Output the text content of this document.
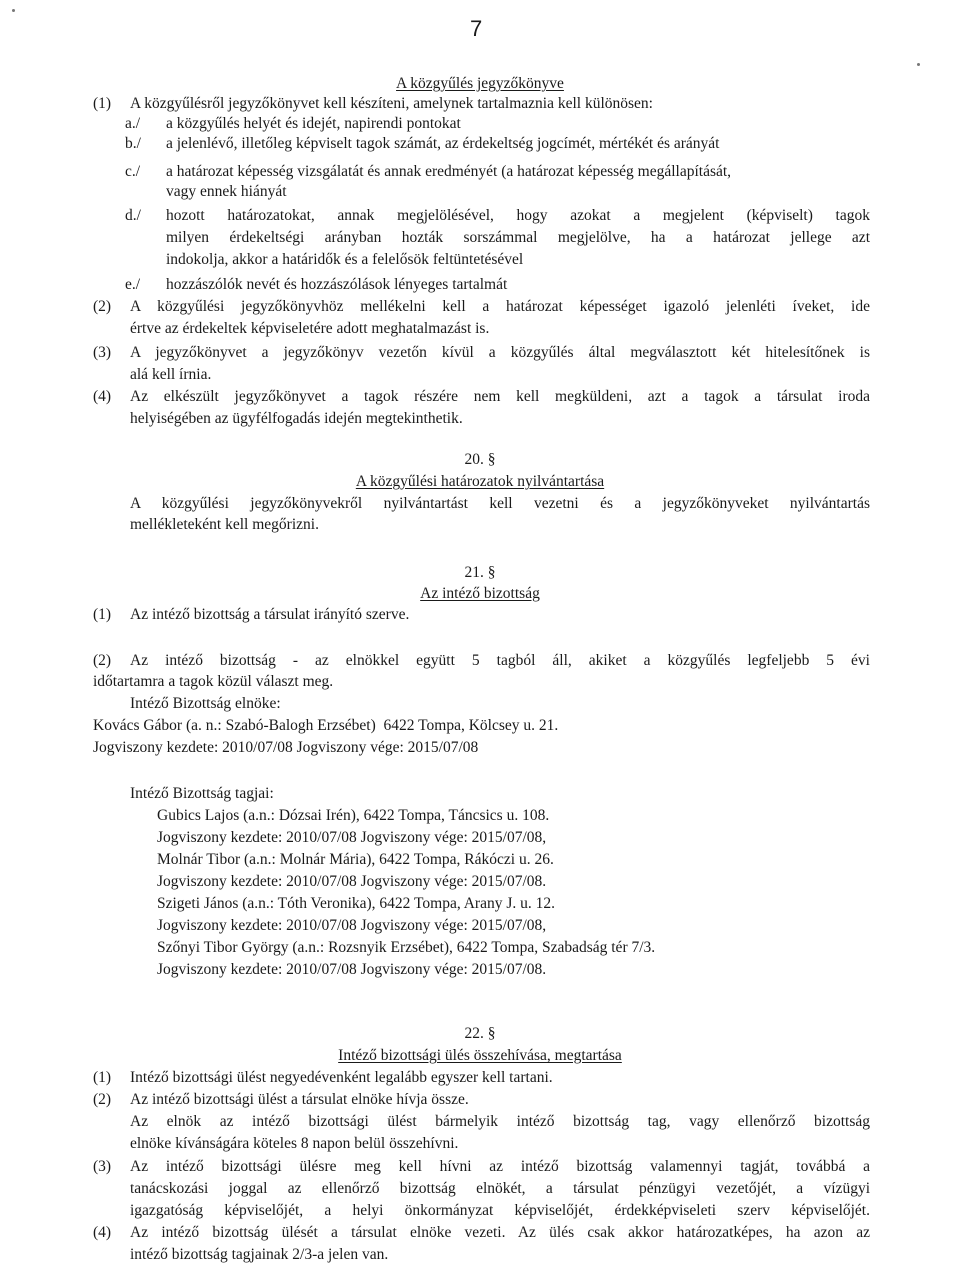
7
A közgyűlés jegyzőkönyve
(1) A közgyűlésről jegyzőkönyvet kell készíteni, amelynek tartalmaznia kell különösen:
a./ a közgyűlés helyét és idejét, napirendi pontokat
b./ a jelenlévő, illetőleg képviselt tagok számát, az érdekeltség jogcímét, mértékét és arányát
c./ a határozat képesség vizsgálatát és annak eredményét (a határozat képesség megállapítását,
vagy ennek hiányát
d./ hozott határozatokat, annak megjelölésével, hogy azokat a megjelent (képviselt) tagok
milyen érdekeltségi arányban hozták sorszámmal megjelölve, ha a határozat jellege azt
indokolja, akkor a határidők és a felelősök feltüntetésével
e./ hozzászólók nevét és hozzászólások lényeges tartalmát
(2) A közgyűlési jegyzőkönyvhöz mellékelni kell a határozat képességet igazoló jelenléti íveket, ide
értve az érdekeltek képviseletére adott meghatalmazást is.
(3) A jegyzőkönyvet a jegyzőkönyv vezetőn kívül a közgyűlés által megválasztott két hitelesítőnek is
alá kell írnia.
(4) Az elkészült jegyzőkönyvet a tagok részére nem kell megküldeni, azt a tagok a társulat iroda
helyiségében az ügyfélfogadás idején megtekinthetik.
20. §
A közgyűlési határozatok nyilvántartása
A közgyűlési jegyzőkönyvekről nyilvántartást kell vezetni és a jegyzőkönyveket nyilvántartás
mellékleteként kell megőrizni.
21. §
Az intéző bizottság
(1) Az intéző bizottság a társulat irányító szerve.
(2) Az intéző bizottság - az elnökkel együtt 5 tagból áll, akiket a közgyűlés legfeljebb 5 évi
időtartamra a tagok közül választ meg.
Intéző Bizottság elnöke:
Kovács Gábor (a. n.: Szabó-Balogh Erzsébet)  6422 Tompa, Kölcsey u. 21.
Jogviszony kezdete: 2010/07/08 Jogviszony vége: 2015/07/08
Intéző Bizottság tagjai:
Gubics Lajos (a.n.: Dózsai Irén), 6422 Tompa, Táncsics u. 108.
Jogviszony kezdete: 2010/07/08 Jogviszony vége: 2015/07/08,
Molnár Tibor (a.n.: Molnár Mária), 6422 Tompa, Rákóczi u. 26.
Jogviszony kezdete: 2010/07/08 Jogviszony vége: 2015/07/08.
Szigeti János (a.n.: Tóth Veronika), 6422 Tompa, Arany J. u. 12.
Jogviszony kezdete: 2010/07/08 Jogviszony vége: 2015/07/08,
Szőnyi Tibor György (a.n.: Rozsnyik Erzsébet), 6422 Tompa, Szabadság tér 7/3.
Jogviszony kezdete: 2010/07/08 Jogviszony vége: 2015/07/08.
22. §
Intéző bizottsági ülés összehívása, megtartása
(1) Intéző bizottsági ülést negyedévenként legalább egyszer kell tartani.
(2) Az intéző bizottsági ülést a társulat elnöke hívja össze.
Az elnök az intéző bizottsági ülést bármelyik intéző bizottság tag, vagy ellenőrző bizottság
elnöke kívánságára köteles 8 napon belül összehívni.
(3) Az intéző bizottsági ülésre meg kell hívni az intéző bizottság valamennyi tagját, továbbá a
tanácskozási joggal az ellenőrző bizottság elnökét, a társulat pénzügyi vezetőjét, a vízügyi
igazgatóság képviselőjét, a helyi önkormányzat képviselőjét, érdekképviseleti szerv képviselőjét.
(4) Az intéző bizottság ülését a társulat elnöke vezeti. Az ülés csak akkor határozatképes, ha azon az
intéző bizottság tagjainak 2/3-a jelen van.
